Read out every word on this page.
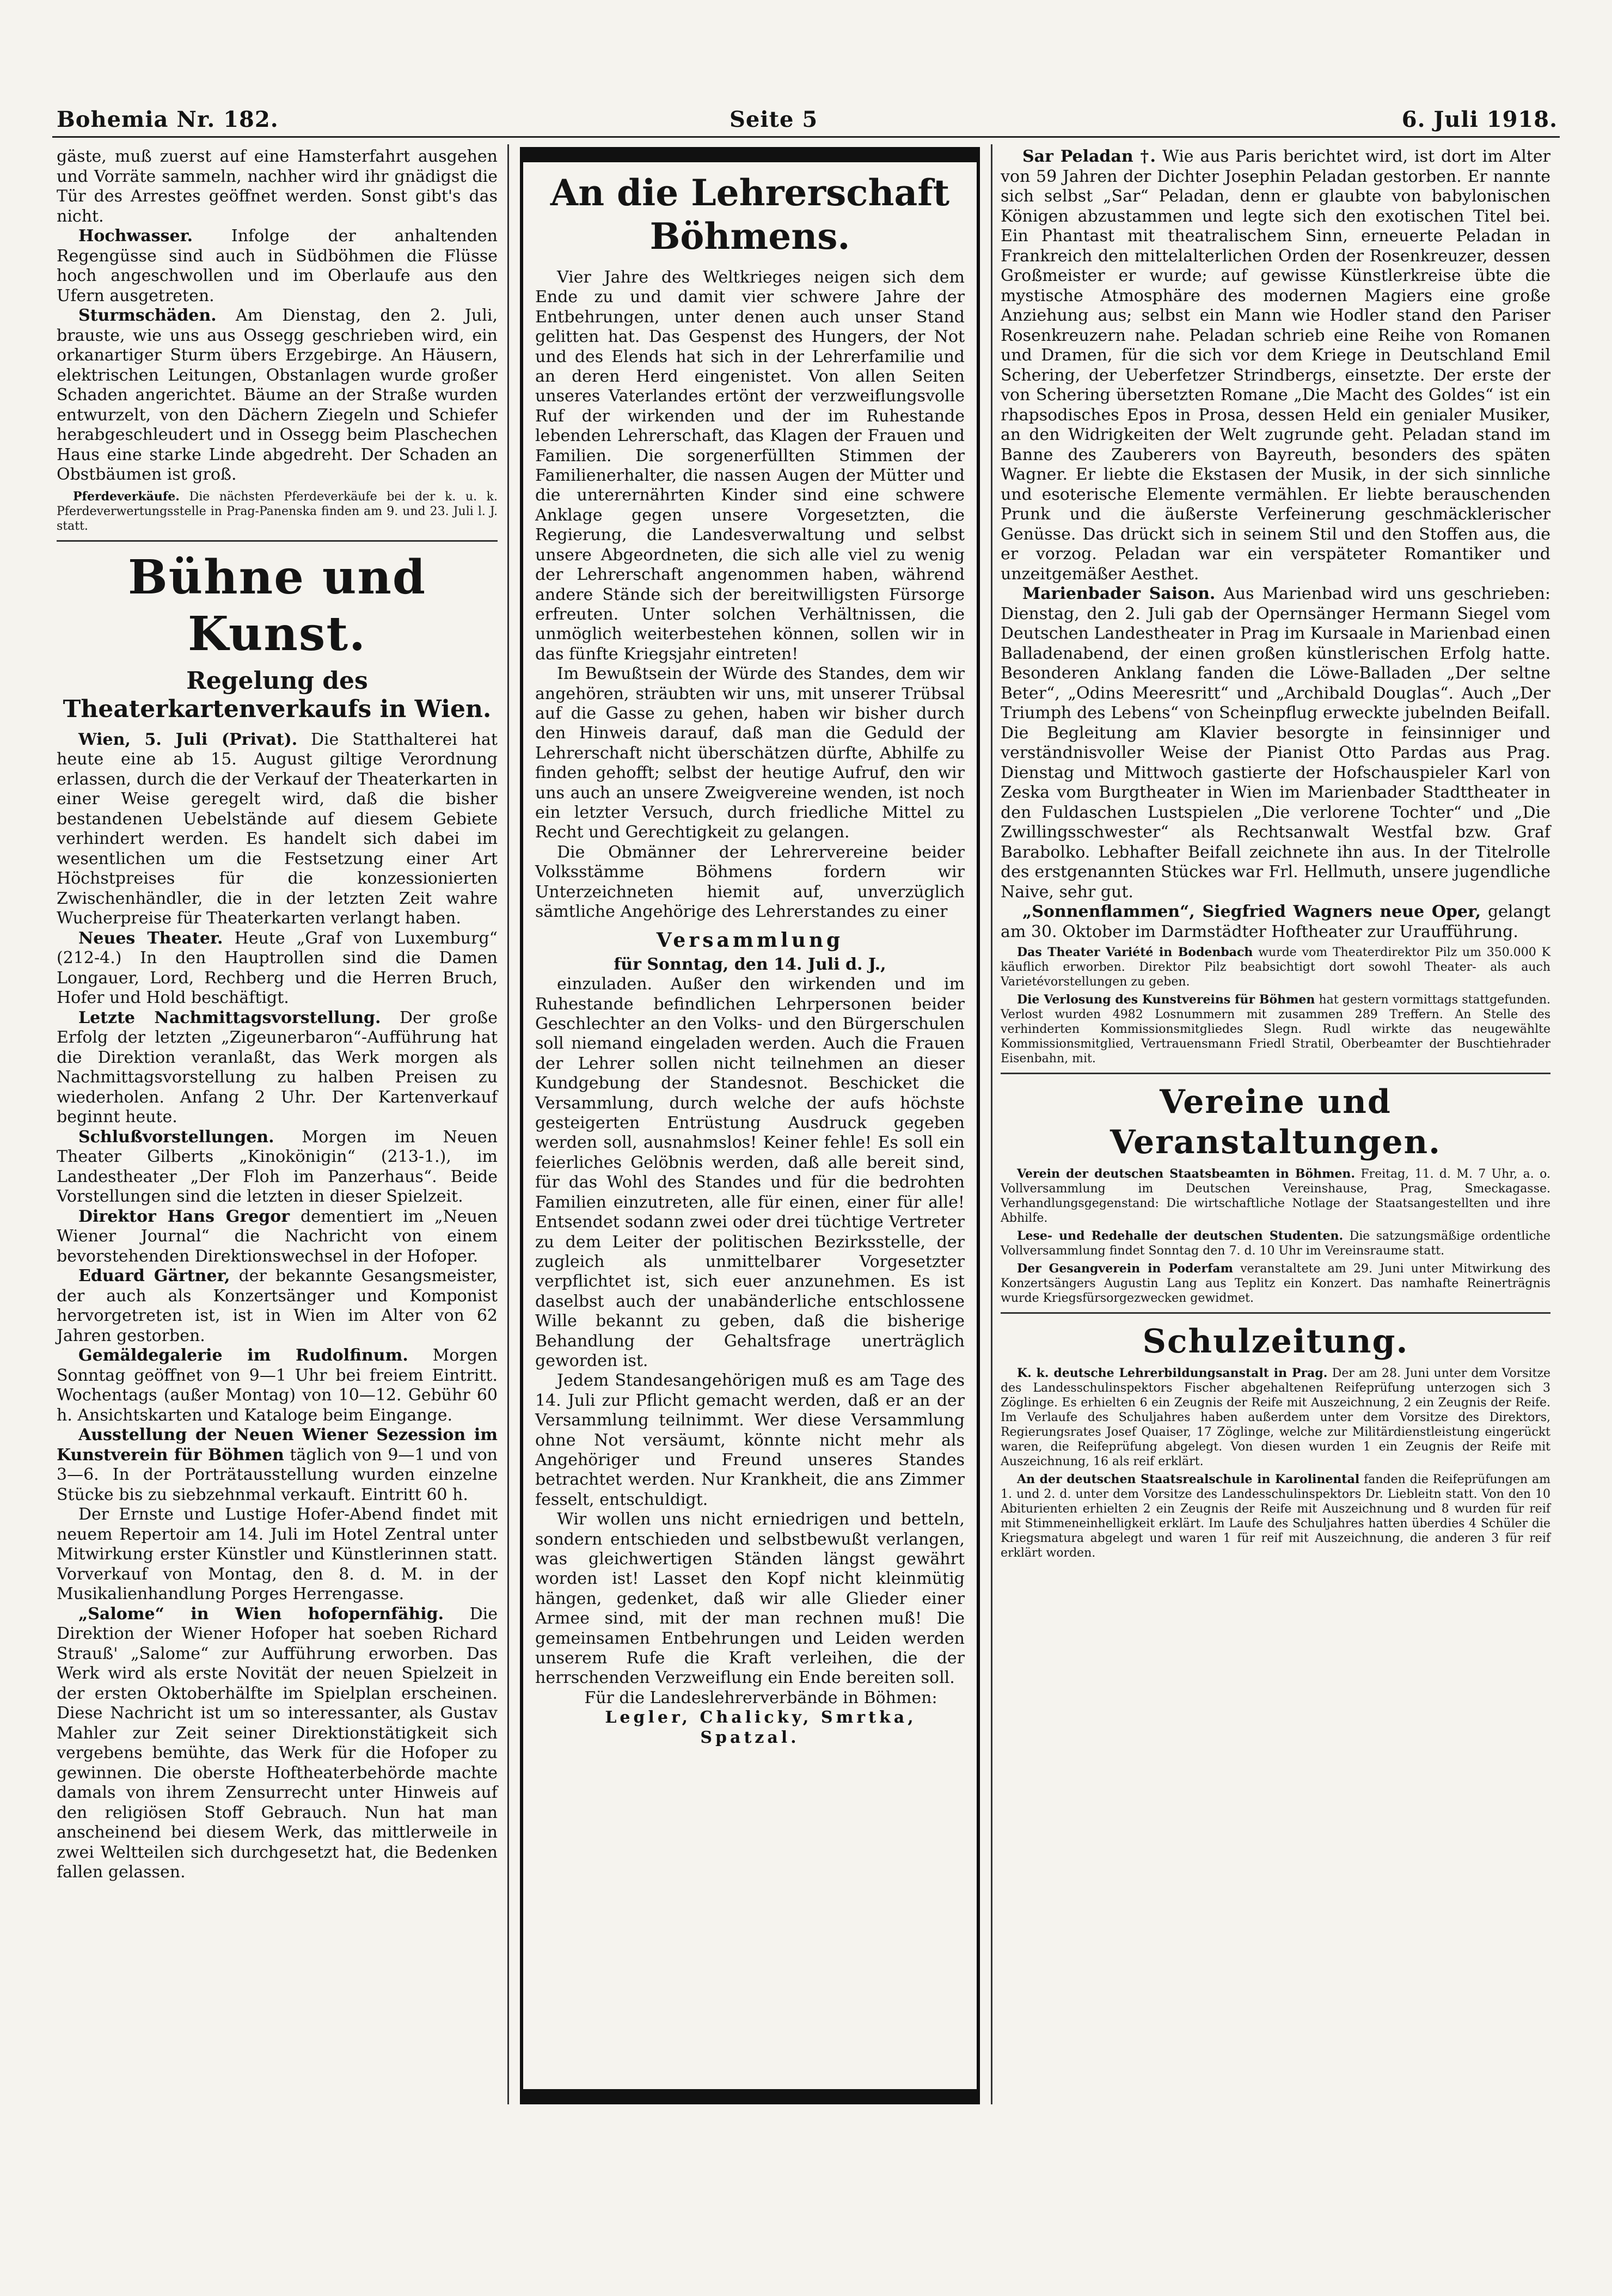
Bohemia Nr. 182.	Seite 5	6. Juli 1918.

gäste, muß zuerst auf eine Hamsterfahrt ausgehen und Vorräte sammeln, nachher wird ihr gnädigst die Tür des Arrestes geöffnet werden. Sonst gibt's das nicht.

Hochwasser. Infolge der anhaltenden Regengüsse sind auch in Südböhmen die Flüsse hoch angeschwollen und im Oberlaufe aus den Ufern ausgetreten.

Sturmschäden. Am Dienstag, den 2. Juli, brauste, wie uns aus Ossegg geschrieben wird, ein orkanartiger Sturm übers Erzgebirge. An Häusern, elektrischen Leitungen, Obstanlagen wurde großer Schaden angerichtet. Bäume an der Straße wurden entwurzelt, von den Dächern Ziegeln und Schiefer herabgeschleudert und in Ossegg beim Plaschechen Haus eine starke Linde abgedreht. Der Schaden an Obstbäumen ist groß.

Pferdeverkäufe. Die nächsten Pferdeverkäufe bei der k. u. k. Pferdeverwertungsstelle in Prag-Panenska finden am 9. und 23. Juli l. J. statt.

Bühne und Kunst.
Regelung des Theaterkartenverkaufs in Wien.

Wien, 5. Juli (Privat). Die Statthalterei hat heute eine ab 15. August giltige Verordnung erlassen, durch die der Verkauf der Theaterkarten in einer Weise geregelt wird, daß die bisher bestandenen Uebelstände auf diesem Gebiete verhindert werden. Es handelt sich dabei im wesentlichen um die Festsetzung einer Art Höchstpreises für die konzessionierten Zwischenhändler, die in der letzten Zeit wahre Wucherpreise für Theaterkarten verlangt haben.

Neues Theater. Heute „Graf von Luxemburg“ (212-4.) In den Hauptrollen sind die Damen Longauer, Lord, Rechberg und die Herren Bruch, Hofer und Hold beschäftigt.

Letzte Nachmittagsvorstellung. Der große Erfolg der letzten „Zigeunerbaron“-Aufführung hat die Direktion veranlaßt, das Werk morgen als Nachmittagsvorstellung zu halben Preisen zu wiederholen. Anfang 2 Uhr. Der Kartenverkauf beginnt heute.

Schlußvorstellungen. Morgen im Neuen Theater Gilberts „Kinokönigin“ (213-1.), im Landestheater „Der Floh im Panzerhaus“. Beide Vorstellungen sind die letzten in dieser Spielzeit.

Direktor Hans Gregor dementiert im „Neuen Wiener Journal“ die Nachricht von einem bevorstehenden Direktionswechsel in der Hofoper.

Eduard Gärtner, der bekannte Gesangsmeister, der auch als Konzertsänger und Komponist hervorgetreten ist, ist in Wien im Alter von 62 Jahren gestorben.

Gemäldegalerie im Rudolfinum. Morgen Sonntag geöffnet von 9—1 Uhr bei freiem Eintritt. Wochentags (außer Montag) von 10—12. Gebühr 60 h. Ansichtskarten und Kataloge beim Eingange.

Ausstellung der Neuen Wiener Sezession im Kunstverein für Böhmen täglich von 9—1 und von 3—6. In der Porträtausstellung wurden einzelne Stücke bis zu siebzehnmal verkauft. Eintritt 60 h.

Der Ernste und Lustige Hofer-Abend findet mit neuem Repertoir am 14. Juli im Hotel Zentral unter Mitwirkung erster Künstler und Künstlerinnen statt. Vorverkauf von Montag, den 8. d. M. in der Musikalienhandlung Porges Herrengasse.

„Salome“ in Wien hofopernfähig. Die Direktion der Wiener Hofoper hat soeben Richard Strauß' „Salome“ zur Aufführung erworben. Das Werk wird als erste Novität der neuen Spielzeit in der ersten Oktoberhälfte im Spielplan erscheinen. Diese Nachricht ist um so interessanter, als Gustav Mahler zur Zeit seiner Direktionstätigkeit sich vergebens bemühte, das Werk für die Hofoper zu gewinnen. Die oberste Hoftheaterbehörde machte damals von ihrem Zensurrecht unter Hinweis auf den religiösen Stoff Gebrauch. Nun hat man anscheinend bei diesem Werk, das mittlerweile in zwei Weltteilen sich durchgesetzt hat, die Bedenken fallen gelassen.

An die Lehrerschaft Böhmens.

Vier Jahre des Weltkrieges neigen sich dem Ende zu und damit vier schwere Jahre der Entbehrungen, unter denen auch unser Stand gelitten hat. Das Gespenst des Hungers, der Not und des Elends hat sich in der Lehrerfamilie und an deren Herd eingenistet. Von allen Seiten unseres Vaterlandes ertönt der verzweiflungsvolle Ruf der wirkenden und der im Ruhestande lebenden Lehrerschaft, das Klagen der Frauen und Familien. Die sorgenerfüllten Stimmen der Familienerhalter, die nassen Augen der Mütter und die unterernährten Kinder sind eine schwere Anklage gegen unsere Vorgesetzten, die Regierung, die Landesverwaltung und selbst unsere Abgeordneten, die sich alle viel zu wenig der Lehrerschaft angenommen haben, während andere Stände sich der bereitwilligsten Fürsorge erfreuten. Unter solchen Verhältnissen, die unmöglich weiterbestehen können, sollen wir in das fünfte Kriegsjahr eintreten!

Im Bewußtsein der Würde des Standes, dem wir angehören, sträubten wir uns, mit unserer Trübsal auf die Gasse zu gehen, haben wir bisher durch den Hinweis darauf, daß man die Geduld der Lehrerschaft nicht überschätzen dürfte, Abhilfe zu finden gehofft; selbst der heutige Aufruf, den wir uns auch an unsere Zweigvereine wenden, ist noch ein letzter Versuch, durch friedliche Mittel zu Recht und Gerechtigkeit zu gelangen.

Die Obmänner der Lehrervereine beider Volksstämme Böhmens fordern wir Unterzeichneten hiemit auf, unverzüglich sämtliche Angehörige des Lehrerstandes zu einer

Versammlung

für Sonntag, den 14. Juli d. J.,

einzuladen. Außer den wirkenden und im Ruhestande befindlichen Lehrpersonen beider Geschlechter an den Volks- und den Bürgerschulen soll niemand eingeladen werden. Auch die Frauen der Lehrer sollen nicht teilnehmen an dieser Kundgebung der Standesnot. Beschicket die Versammlung, durch welche der aufs höchste gesteigerten Entrüstung Ausdruck gegeben werden soll, ausnahmslos! Keiner fehle! Es soll ein feierliches Gelöbnis werden, daß alle bereit sind, für das Wohl des Standes und für die bedrohten Familien einzutreten, alle für einen, einer für alle! Entsendet sodann zwei oder drei tüchtige Vertreter zu dem Leiter der politischen Bezirksstelle, der zugleich als unmittelbarer Vorgesetzter verpflichtet ist, sich euer anzunehmen. Es ist daselbst auch der unabänderliche entschlossene Wille bekannt zu geben, daß die bisherige Behandlung der Gehaltsfrage unerträglich geworden ist.

Jedem Standesangehörigen muß es am Tage des 14. Juli zur Pflicht gemacht werden, daß er an der Versammlung teilnimmt. Wer diese Versammlung ohne Not versäumt, könnte nicht mehr als Angehöriger und Freund unseres Standes betrachtet werden. Nur Krankheit, die ans Zimmer fesselt, entschuldigt.

Wir wollen uns nicht erniedrigen und betteln, sondern entschieden und selbstbewußt verlangen, was gleichwertigen Ständen längst gewährt worden ist! Lasset den Kopf nicht kleinmütig hängen, gedenket, daß wir alle Glieder einer Armee sind, mit der man rechnen muß! Die gemeinsamen Entbehrungen und Leiden werden unserem Rufe die Kraft verleihen, die der herrschenden Verzweiflung ein Ende bereiten soll.

Für die Landeslehrerverbände in Böhmen:

Legler, Chalicky, Smrtka, Spatzal.

Sar Peladan †. Wie aus Paris berichtet wird, ist dort im Alter von 59 Jahren der Dichter Josephin Peladan gestorben. Er nannte sich selbst „Sar“ Peladan, denn er glaubte von babylonischen Königen abzustammen und legte sich den exotischen Titel bei. Ein Phantast mit theatralischem Sinn, erneuerte Peladan in Frankreich den mittelalterlichen Orden der Rosenkreuzer, dessen Großmeister er wurde; auf gewisse Künstlerkreise übte die mystische Atmosphäre des modernen Magiers eine große Anziehung aus; selbst ein Mann wie Hodler stand den Pariser Rosenkreuzern nahe. Peladan schrieb eine Reihe von Romanen und Dramen, für die sich vor dem Kriege in Deutschland Emil Schering, der Ueberfetzer Strindbergs, einsetzte. Der erste der von Schering übersetzten Romane „Die Macht des Goldes“ ist ein rhapsodisches Epos in Prosa, dessen Held ein genialer Musiker, an den Widrigkeiten der Welt zugrunde geht. Peladan stand im Banne des Zauberers von Bayreuth, besonders des späten Wagner. Er liebte die Ekstasen der Musik, in der sich sinnliche und esoterische Elemente vermählen. Er liebte berauschenden Prunk und die äußerste Verfeinerung geschmäcklerischer Genüsse. Das drückt sich in seinem Stil und den Stoffen aus, die er vorzog. Peladan war ein verspäteter Romantiker und unzeitgemäßer Aesthet.

Marienbader Saison. Aus Marienbad wird uns geschrieben: Dienstag, den 2. Juli gab der Opernsänger Hermann Siegel vom Deutschen Landestheater in Prag im Kursaale in Marienbad einen Balladenabend, der einen großen künstlerischen Erfolg hatte. Besonderen Anklang fanden die Löwe-Balladen „Der seltne Beter“, „Odins Meeresritt“ und „Archibald Douglas“. Auch „Der Triumph des Lebens“ von Scheinpflug erweckte jubelnden Beifall. Die Begleitung am Klavier besorgte in feinsinniger und verständnisvoller Weise der Pianist Otto Pardas aus Prag. Dienstag und Mittwoch gastierte der Hofschauspieler Karl von Zeska vom Burgtheater in Wien im Marienbader Stadttheater in den Fuldaschen Lustspielen „Die verlorene Tochter“ und „Die Zwillingsschwester“ als Rechtsanwalt Westfal bzw. Graf Barabolko. Lebhafter Beifall zeichnete ihn aus. In der Titelrolle des erstgenannten Stückes war Frl. Hellmuth, unsere jugendliche Naive, sehr gut.

„Sonnenflammen“, Siegfried Wagners neue Oper, gelangt am 30. Oktober im Darmstädter Hoftheater zur Uraufführung.

Das Theater Variété in Bodenbach wurde vom Theaterdirektor Pilz um 350.000 K käuflich erworben. Direktor Pilz beabsichtigt dort sowohl Theater- als auch Varietévorstellungen zu geben.

Die Verlosung des Kunstvereins für Böhmen hat gestern vormittags stattgefunden. Verlost wurden 4982 Losnummern mit zusammen 289 Treffern. An Stelle des verhinderten Kommissionsmitgliedes Slegn. Rudl wirkte das neugewählte Kommissionsmitglied, Vertrauensmann Friedl Stratil, Oberbeamter der Buschtiehrader Eisenbahn, mit.

Vereine und Veranstaltungen.

Verein der deutschen Staatsbeamten in Böhmen. Freitag, 11. d. M. 7 Uhr, a. o. Vollversammlung im Deutschen Vereinshause, Prag, Smeckagasse. Verhandlungsgegenstand: Die wirtschaftliche Notlage der Staatsangestellten und ihre Abhilfe.

Lese- und Redehalle der deutschen Studenten. Die satzungsmäßige ordentliche Vollversammlung findet Sonntag den 7. d. 10 Uhr im Vereinsraume statt.

Der Gesangverein in Poderfam veranstaltete am 29. Juni unter Mitwirkung des Konzertsängers Augustin Lang aus Teplitz ein Konzert. Das namhafte Reinerträgnis wurde Kriegsfürsorgezwecken gewidmet.

Schulzeitung.

K. k. deutsche Lehrerbildungsanstalt in Prag. Der am 28. Juni unter dem Vorsitze des Landesschulinspektors Fischer abgehaltenen Reifeprüfung unterzogen sich 3 Zöglinge. Es erhielten 6 ein Zeugnis der Reife mit Auszeichnung, 2 ein Zeugnis der Reife. Im Verlaufe des Schuljahres haben außerdem unter dem Vorsitze des Direktors, Regierungsrates Josef Quaiser, 17 Zöglinge, welche zur Militärdienstleistung eingerückt waren, die Reifeprüfung abgelegt. Von diesen wurden 1 ein Zeugnis der Reife mit Auszeichnung, 16 als reif erklärt.

An der deutschen Staatsrealschule in Karolinental fanden die Reifeprüfungen am 1. und 2. d. unter dem Vorsitze des Landesschulinspektors Dr. Liebleitn statt. Von den 10 Abiturienten erhielten 2 ein Zeugnis der Reife mit Auszeichnung und 8 wurden für reif mit Stimmeneinhelligkeit erklärt. Im Laufe des Schuljahres hatten überdies 4 Schüler die Kriegsmatura abgelegt und waren 1 für reif mit Auszeichnung, die anderen 3 für reif erklärt worden.
